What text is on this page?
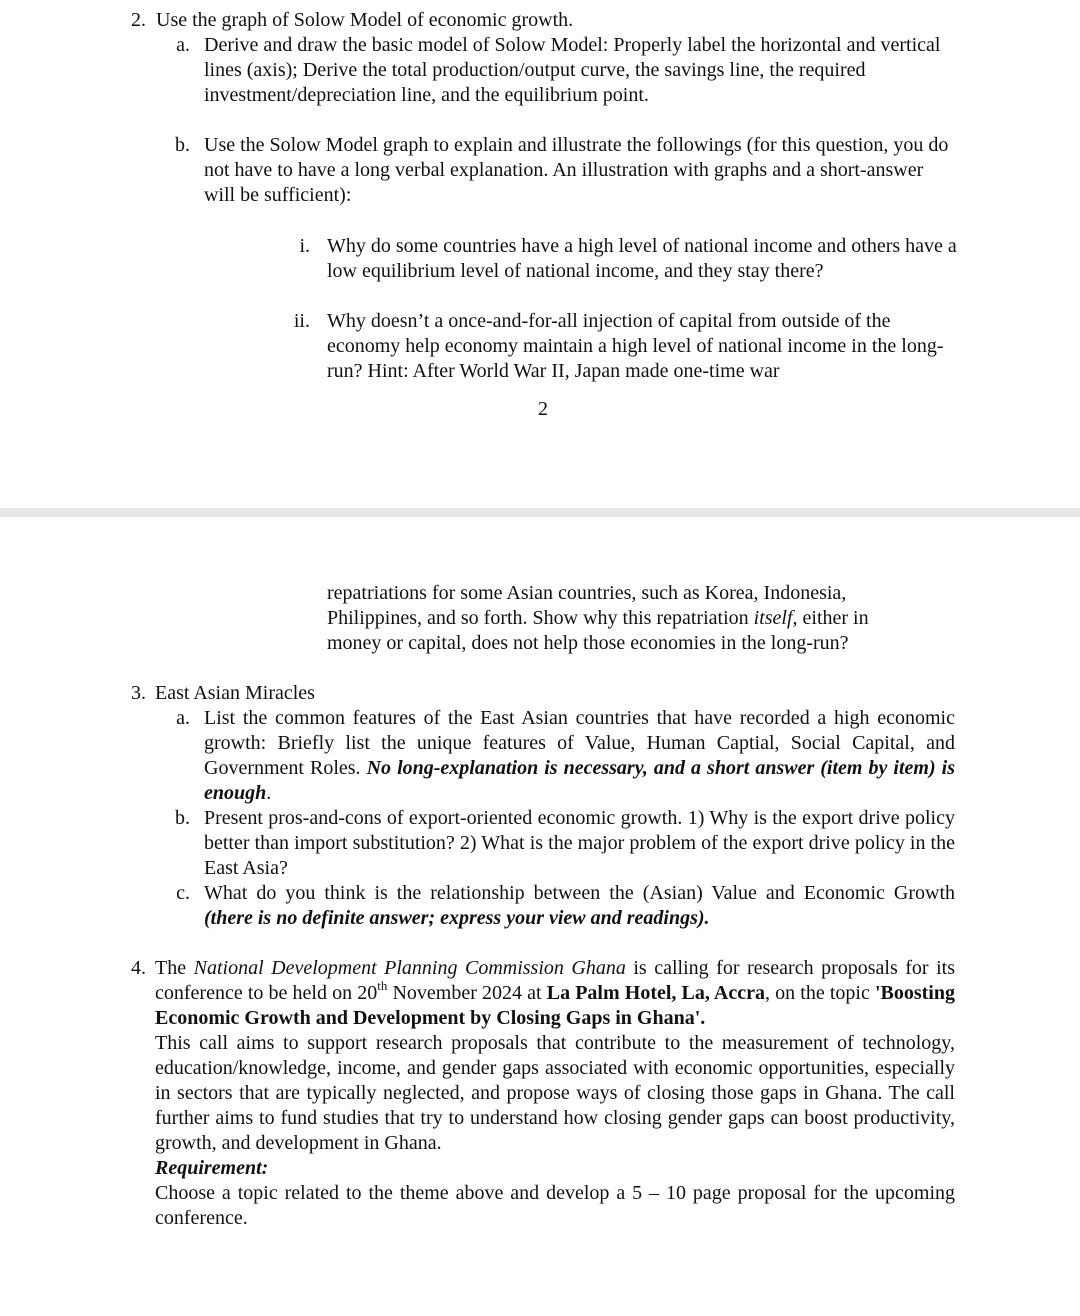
2. Use the graph of Solow Model of economic growth.
a. Derive and draw the basic model of Solow Model: Properly label the horizontal and vertical lines (axis); Derive the total production/output curve, the savings line, the required investment/depreciation line, and the equilibrium point.
b. Use the Solow Model graph to explain and illustrate the followings (for this question, you do not have to have a long verbal explanation. An illustration with graphs and a short-answer will be sufficient):
i. Why do some countries have a high level of national income and others have a low equilibrium level of national income, and they stay there?
ii. Why doesn’t a once-and-for-all injection of capital from outside of the economy help economy maintain a high level of national income in the long-run? Hint: After World War II, Japan made one-time war
2
repatriations for some Asian countries, such as Korea, Indonesia, Philippines, and so forth. Show why this repatriation itself, either in money or capital, does not help those economies in the long-run?
3. East Asian Miracles
a. List the common features of the East Asian countries that have recorded a high economic growth: Briefly list the unique features of Value, Human Captial, Social Capital, and Government Roles. No long-explanation is necessary, and a short answer (item by item) is enough.
b. Present pros-and-cons of export-oriented economic growth. 1) Why is the export drive policy better than import substitution? 2) What is the major problem of the export drive policy in the East Asia?
c. What do you think is the relationship between the (Asian) Value and Economic Growth (there is no definite answer; express your view and readings).
4. The National Development Planning Commission Ghana is calling for research proposals for its conference to be held on 20th November 2024 at La Palm Hotel, La, Accra, on the topic 'Boosting Economic Growth and Development by Closing Gaps in Ghana'.
This call aims to support research proposals that contribute to the measurement of technology, education/knowledge, income, and gender gaps associated with economic opportunities, especially in sectors that are typically neglected, and propose ways of closing those gaps in Ghana. The call further aims to fund studies that try to understand how closing gender gaps can boost productivity, growth, and development in Ghana.
Requirement:
Choose a topic related to the theme above and develop a 5 – 10 page proposal for the upcoming conference.
